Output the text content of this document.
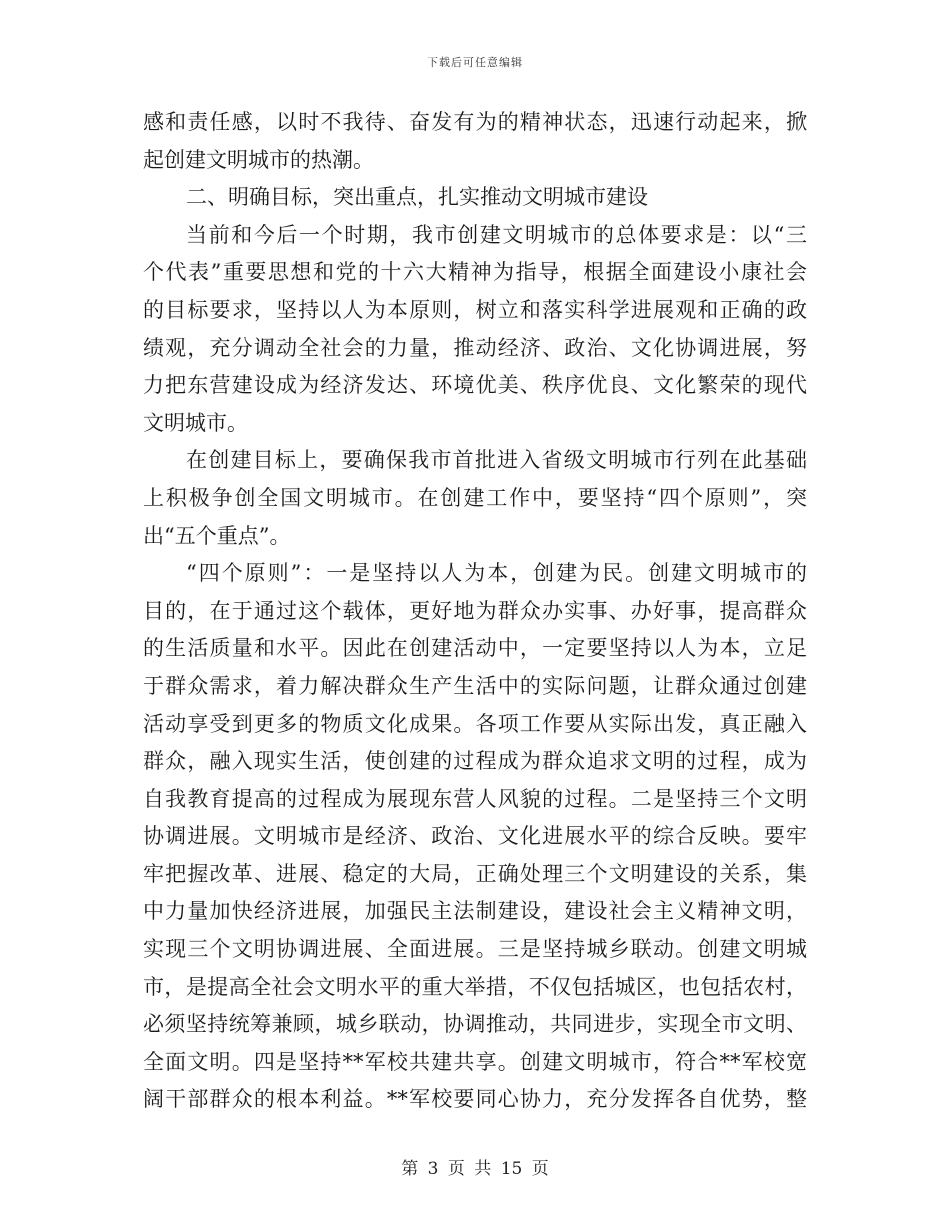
下载后可任意编辑
感和责任感，以时不我待、奋发有为的精神状态，迅速行动起来，掀
起创建文明城市的热潮。
二、明确目标，突出重点，扎实推动文明城市建设
当前和今后一个时期，我市创建文明城市的总体要求是：以“三
个代表”重要思想和党的十六大精神为指导，根据全面建设小康社会
的目标要求，坚持以人为本原则，树立和落实科学进展观和正确的政
绩观，充分调动全社会的力量，推动经济、政治、文化协调进展，努
力把东营建设成为经济发达、环境优美、秩序优良、文化繁荣的现代
文明城市。
在创建目标上，要确保我市首批进入省级文明城市行列在此基础
上积极争创全国文明城市。在创建工作中，要坚持“四个原则”，突
出“五个重点”。
“四个原则”：一是坚持以人为本，创建为民。创建文明城市的
目的，在于通过这个载体，更好地为群众办实事、办好事，提高群众
的生活质量和水平。因此在创建活动中，一定要坚持以人为本，立足
于群众需求，着力解决群众生产生活中的实际问题，让群众通过创建
活动享受到更多的物质文化成果。各项工作要从实际出发，真正融入
群众，融入现实生活，使创建的过程成为群众追求文明的过程，成为
自我教育提高的过程成为展现东营人风貌的过程。二是坚持三个文明
协调进展。文明城市是经济、政治、文化进展水平的综合反映。要牢
牢把握改革、进展、稳定的大局，正确处理三个文明建设的关系，集
中力量加快经济进展，加强民主法制建设，建设社会主义精神文明，
实现三个文明协调进展、全面进展。三是坚持城乡联动。创建文明城
市，是提高全社会文明水平的重大举措，不仅包括城区，也包括农村，
必须坚持统筹兼顾，城乡联动，协调推动，共同进步，实现全市文明、
全面文明。四是坚持**军校共建共享。创建文明城市，符合**军校宽
阔干部群众的根本利益。**军校要同心协力，充分发挥各自优势，整
第 3 页 共 15 页
